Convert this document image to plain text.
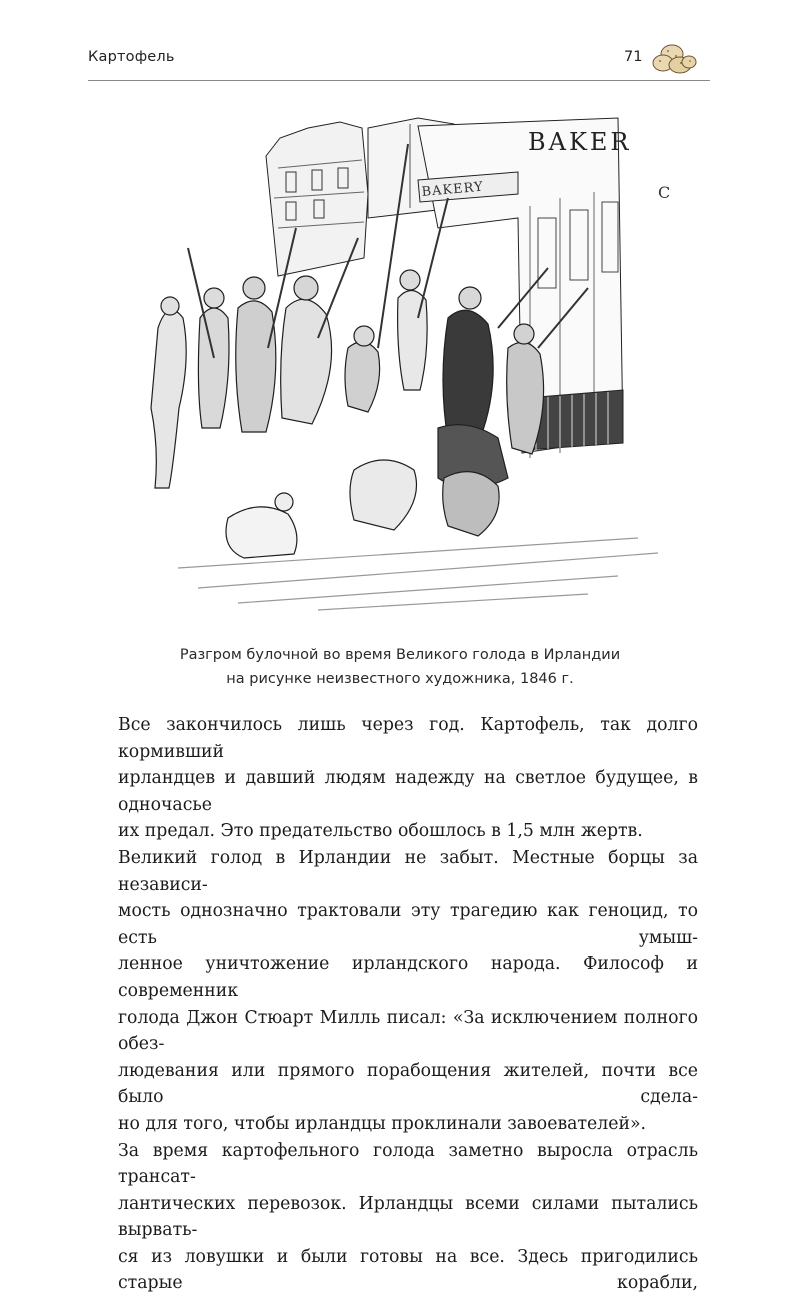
Картофель	71
BAKER
BAKERY	C

Разгром булочной во время Великого голода в Ирландии

на рисунке неизвестного художника, 1846 г.

Все закончилось лишь через год. Картофель, так долго кормивший

ирландцев и давший людям надежду на светлое будущее, в одночасье

их предал. Это предательство обошлось в 1,5 млн жертв.

Великий голод в Ирландии не забыт. Местные борцы за независи-

мость однозначно трактовали эту трагедию как геноцид, то есть умыш-

ленное уничтожение ирландского народа. Философ и современник

голода Джон Стюарт Милль писал: «За исключением полного обез-

людевания или прямого порабощения жителей, почти все было сдела-

но для того, чтобы ирландцы проклинали завоевателей».

За время картофельного голода заметно выросла отрасль трансат-

лантических перевозок. Ирландцы всеми силами пытались вырвать-

ся из ловушки и были готовы на все. Здесь пригодились старые корабли,
